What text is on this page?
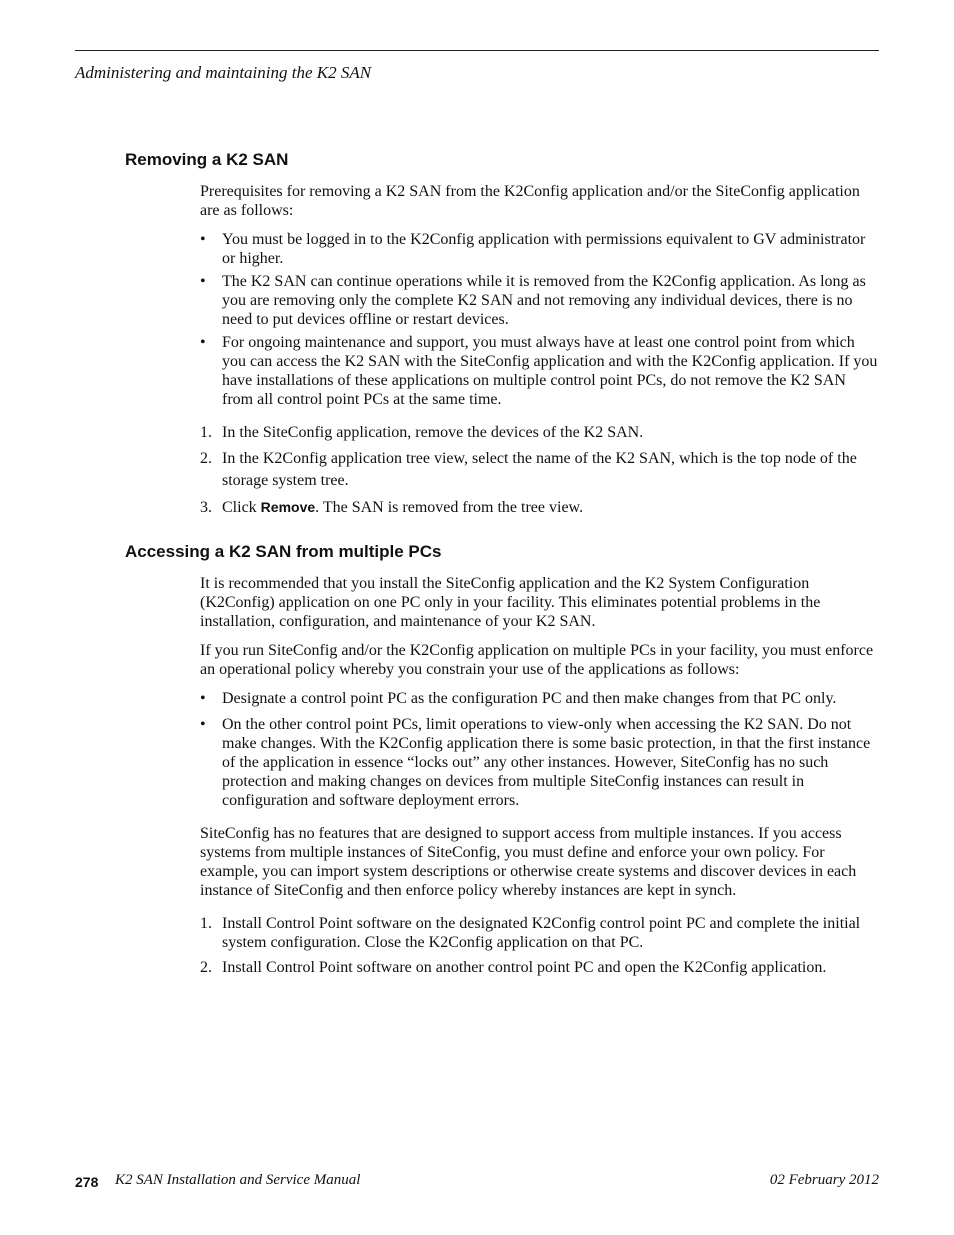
Administering and maintaining the K2 SAN
Removing a K2 SAN

Prerequisites for removing a K2 SAN from the K2Config application and/or the SiteConfig application are as follows:

• You must be logged in to the K2Config application with permissions equivalent to GV administrator or higher.
• The K2 SAN can continue operations while it is removed from the K2Config application. As long as you are removing only the complete K2 SAN and not removing any individual devices, there is no need to put devices offline or restart devices.
• For ongoing maintenance and support, you must always have at least one control point from which you can access the K2 SAN with the SiteConfig application and with the K2Config application. If you have installations of these applications on multiple control point PCs, do not remove the K2 SAN from all control point PCs at the same time.
1. In the SiteConfig application, remove the devices of the K2 SAN.
2. In the K2Config application tree view, select the name of the K2 SAN, which is the top node of the storage system tree.
3. Click Remove. The SAN is removed from the tree view.
Accessing a K2 SAN from multiple PCs

It is recommended that you install the SiteConfig application and the K2 System Configuration (K2Config) application on one PC only in your facility. This eliminates potential problems in the installation, configuration, and maintenance of your K2 SAN.

If you run SiteConfig and/or the K2Config application on multiple PCs in your facility, you must enforce an operational policy whereby you constrain your use of the applications as follows:

• Designate a control point PC as the configuration PC and then make changes from that PC only.
• On the other control point PCs, limit operations to view-only when accessing the K2 SAN. Do not make changes. With the K2Config application there is some basic protection, in that the first instance of the application in essence “locks out” any other instances. However, SiteConfig has no such protection and making changes on devices from multiple SiteConfig instances can result in configuration and software deployment errors.

SiteConfig has no features that are designed to support access from multiple instances. If you access systems from multiple instances of SiteConfig, you must define and enforce your own policy. For example, you can import system descriptions or otherwise create systems and discover devices in each instance of SiteConfig and then enforce policy whereby instances are kept in synch.

1. Install Control Point software on the designated K2Config control point PC and complete the initial system configuration. Close the K2Config application on that PC.
2. Install Control Point software on another control point PC and open the K2Config application.
278 K2 SAN Installation and Service Manual	02 February 2012
